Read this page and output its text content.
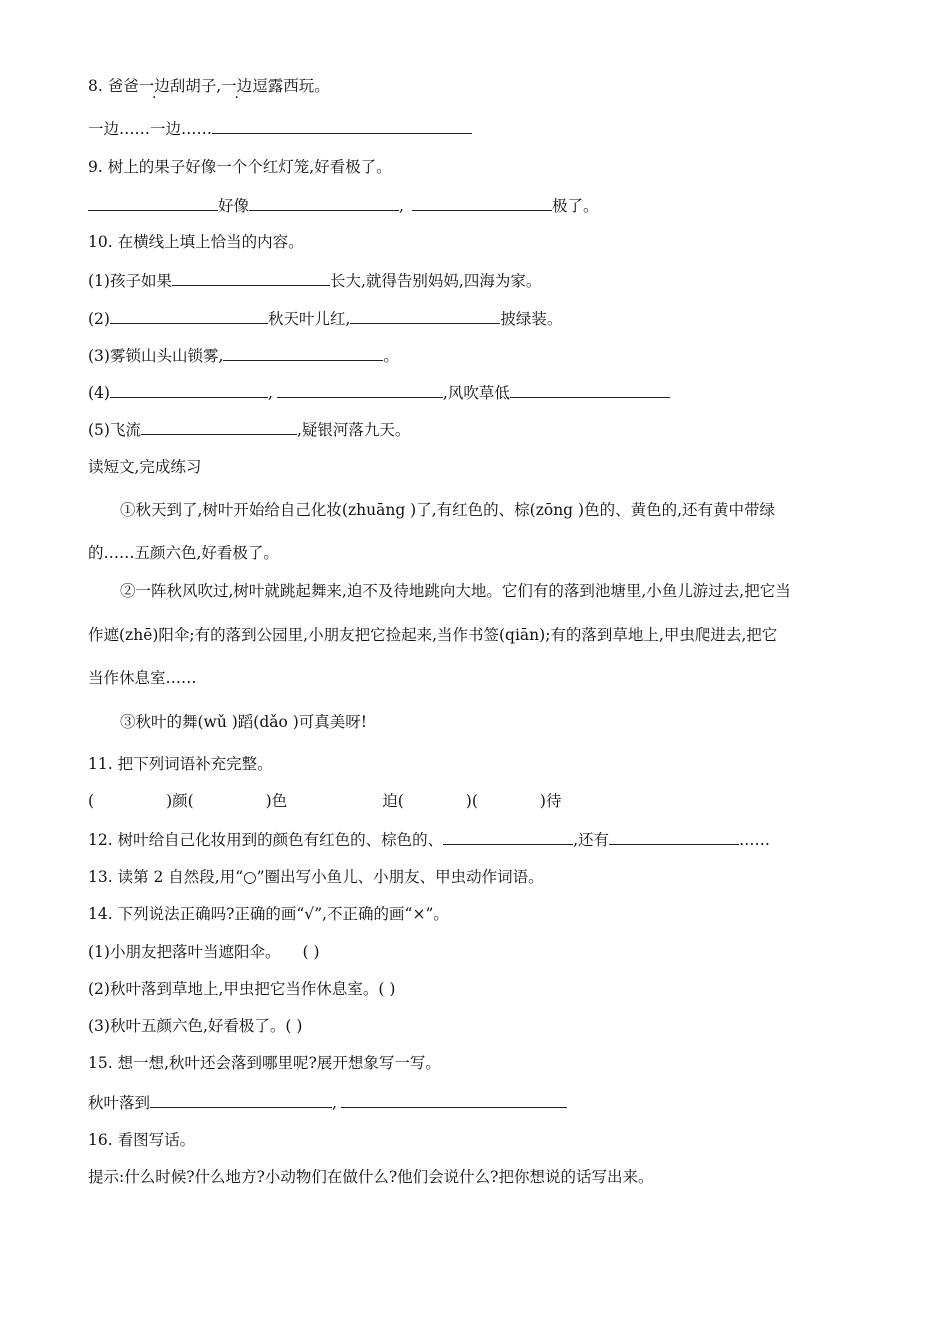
8. 爸爸一边刮胡子,一边逗露西玩。
一边……一边……
9. 树上的果子好像一个个红灯笼,好看极了。
好像	,	极了。
10. 在横线上填上恰当的内容。
(1)孩子如果	长大,就得告别妈妈,四海为家。
(2)	秋天叶儿红,	披绿装。
(3)雾锁山头山锁雾,	。
(4)	,	,风吹草低
(5)飞流	,疑银河落九天。
读短文,完成练习
①秋天到了,树叶开始给自己化妆(zhuāng )了,有红色的、棕(zōng )色的、黄色的,还有黄中带绿
的……五颜六色,好看极了。
②一阵秋风吹过,树叶就跳起舞来,迫不及待地跳向大地。它们有的落到池塘里,小鱼儿游过去,把它当
作遮(zhē)阳伞;有的落到公园里,小朋友把它捡起来,当作书签(qiān);有的落到草地上,甲虫爬进去,把它
当作休息室……
③秋叶的舞(wǔ )蹈(dǎo )可真美呀!
11. 把下列词语补充完整。
(	)颜(	)色	迫(	)(	)待
12. 树叶给自己化妆用到的颜色有红色的、棕色的、	,还有	……
13. 读第 2 自然段,用“○”圈出写小鱼儿、小朋友、甲虫动作词语。
14. 下列说法正确吗?正确的画“√”,不正确的画“×”。
(1)小朋友把落叶当遮阳伞。 ( )
(2)秋叶落到草地上,甲虫把它当作休息室。( )
(3)秋叶五颜六色,好看极了。( )
15. 想一想,秋叶还会落到哪里呢?展开想象写一写。
秋叶落到	,
16. 看图写话。
提示:什么时候?什么地方?小动物们在做什么?他们会说什么?把你想说的话写出来。
